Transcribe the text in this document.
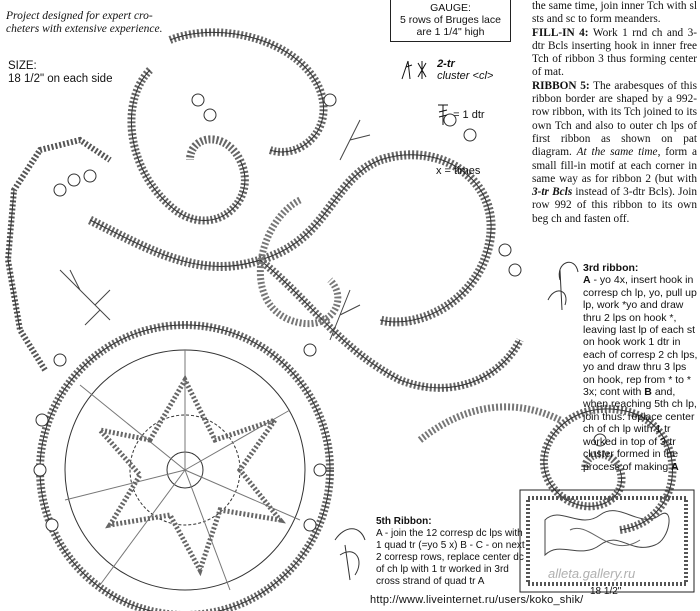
Project designed for expert cro-
cheters with extensive experience.
SIZE:
18 1/2" on each side
GAUGE:
5 rows of Bruges lace
are 1 1/4" high
2-tr
cluster <cl>
= 1 dtr
x = times
the same time, join inner Tch with sl sts and sc to form meanders.
FILL-IN 4: Work 1 rnd ch and 3-dtr Bcls inserting hook in inner free Tch of ribbon 3 thus forming center of mat.
RIBBON 5: The arabesques of this ribbon border are shaped by a 992-row ribbon, with its Tch joined to its own Tch and also to outer ch lps of first ribbon as shown on pat diagram. At the same time, form a small fill-in motif at each corner in same way as for ribbon 2 (but with 3-tr Bcls instead of 3-dtr Bcls). Join row 992 of this ribbon to its own beg ch and fasten off.
3rd ribbon:
A - yo 4x, insert hook in corresp ch lp, yo, pull up lp, work *yo and draw thru 2 lps on hook *, leaving last lp of each st on hook work 1 dtr in each of corresp 2 ch lps, yo and draw thru 3 lps on hook, rep from * to * 3x; cont with B and, when reaching 5th ch lp, join thus: replace center ch of ch lp with 1 tr worked in top of 3-tr cluster formed in the process of making A
5th Ribbon:
A - join the 12 corresp dc lps with 1 quad tr (=yo 5 x) B - C - on next 2 corresp rows, replace center dc of ch lp with 1 tr worked in 3rd cross strand of quad tr A
alleta.gallery.ru
18 1/2"
http://www.liveinternet.ru/users/koko_shik/
